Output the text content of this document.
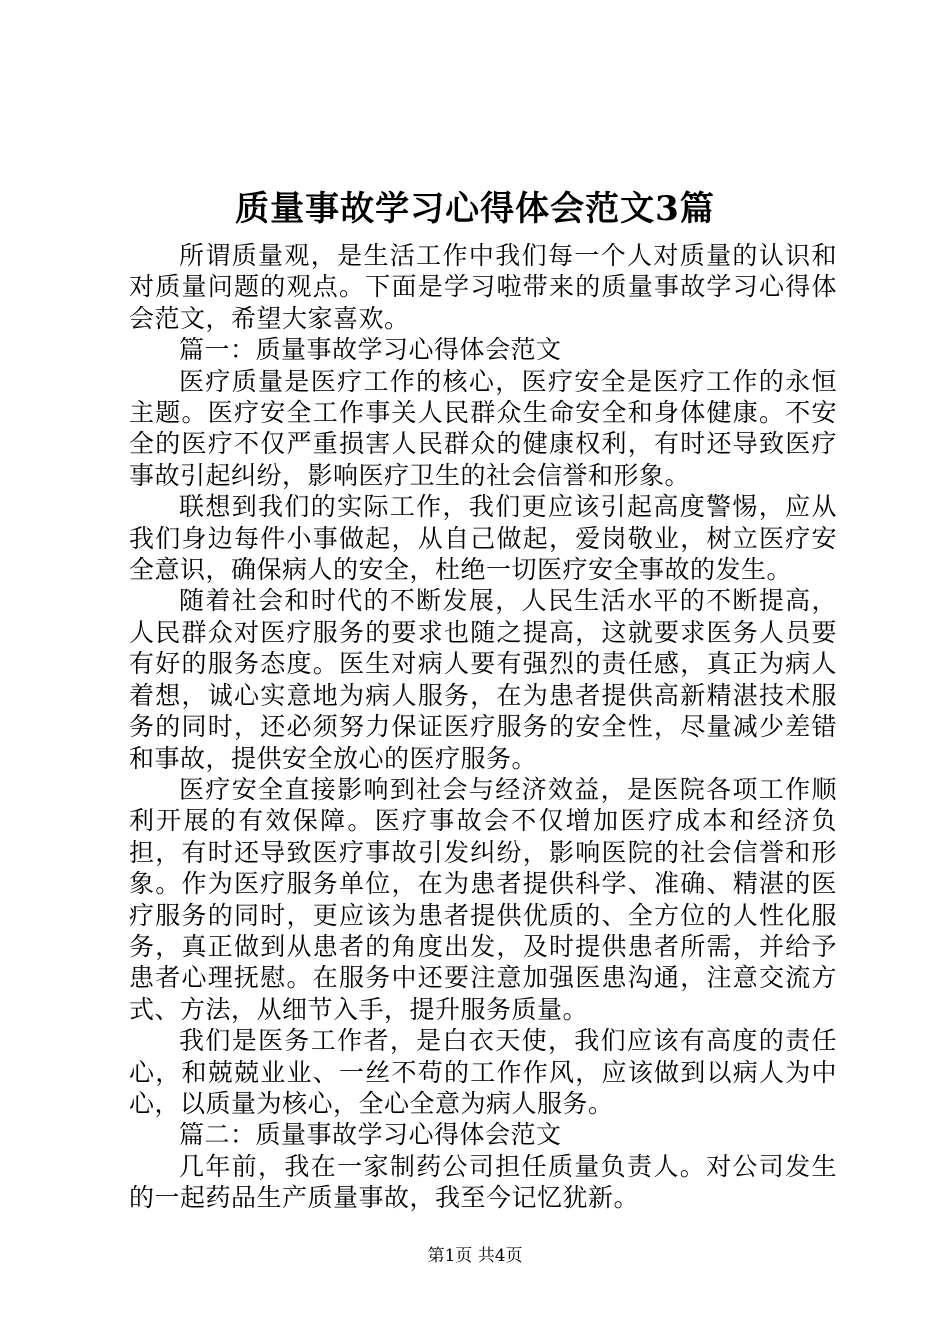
质量事故学习心得体会范文3篇

所谓质量观，是生活工作中我们每一个人对质量的认识和对质量问题的观点。下面是学习啦带来的质量事故学习心得体会范文，希望大家喜欢。

篇一：质量事故学习心得体会范文

医疗质量是医疗工作的核心，医疗安全是医疗工作的永恒主题。医疗安全工作事关人民群众生命安全和身体健康。不安全的医疗不仅严重损害人民群众的健康权利，有时还导致医疗事故引起纠纷，影响医疗卫生的社会信誉和形象。

联想到我们的实际工作，我们更应该引起高度警惕，应从我们身边每件小事做起，从自己做起，爱岗敬业，树立医疗安全意识，确保病人的安全，杜绝一切医疗安全事故的发生。

随着社会和时代的不断发展，人民生活水平的不断提高，人民群众对医疗服务的要求也随之提高，这就要求医务人员要有好的服务态度。医生对病人要有强烈的责任感，真正为病人着想，诚心实意地为病人服务，在为患者提供高新精湛技术服务的同时，还必须努力保证医疗服务的安全性，尽量减少差错和事故，提供安全放心的医疗服务。

医疗安全直接影响到社会与经济效益，是医院各项工作顺利开展的有效保障。医疗事故会不仅增加医疗成本和经济负担，有时还导致医疗事故引发纠纷，影响医院的社会信誉和形象。作为医疗服务单位，在为患者提供科学、准确、精湛的医疗服务的同时，更应该为患者提供优质的、全方位的人性化服务，真正做到从患者的角度出发，及时提供患者所需，并给予患者心理抚慰。在服务中还要注意加强医患沟通，注意交流方式、方法，从细节入手，提升服务质量。

我们是医务工作者，是白衣天使，我们应该有高度的责任心，和兢兢业业、一丝不苟的工作作风，应该做到以病人为中心，以质量为核心，全心全意为病人服务。

篇二：质量事故学习心得体会范文

几年前，我在一家制药公司担任质量负责人。对公司发生的一起药品生产质量事故，我至今记忆犹新。

第1页 共4页
